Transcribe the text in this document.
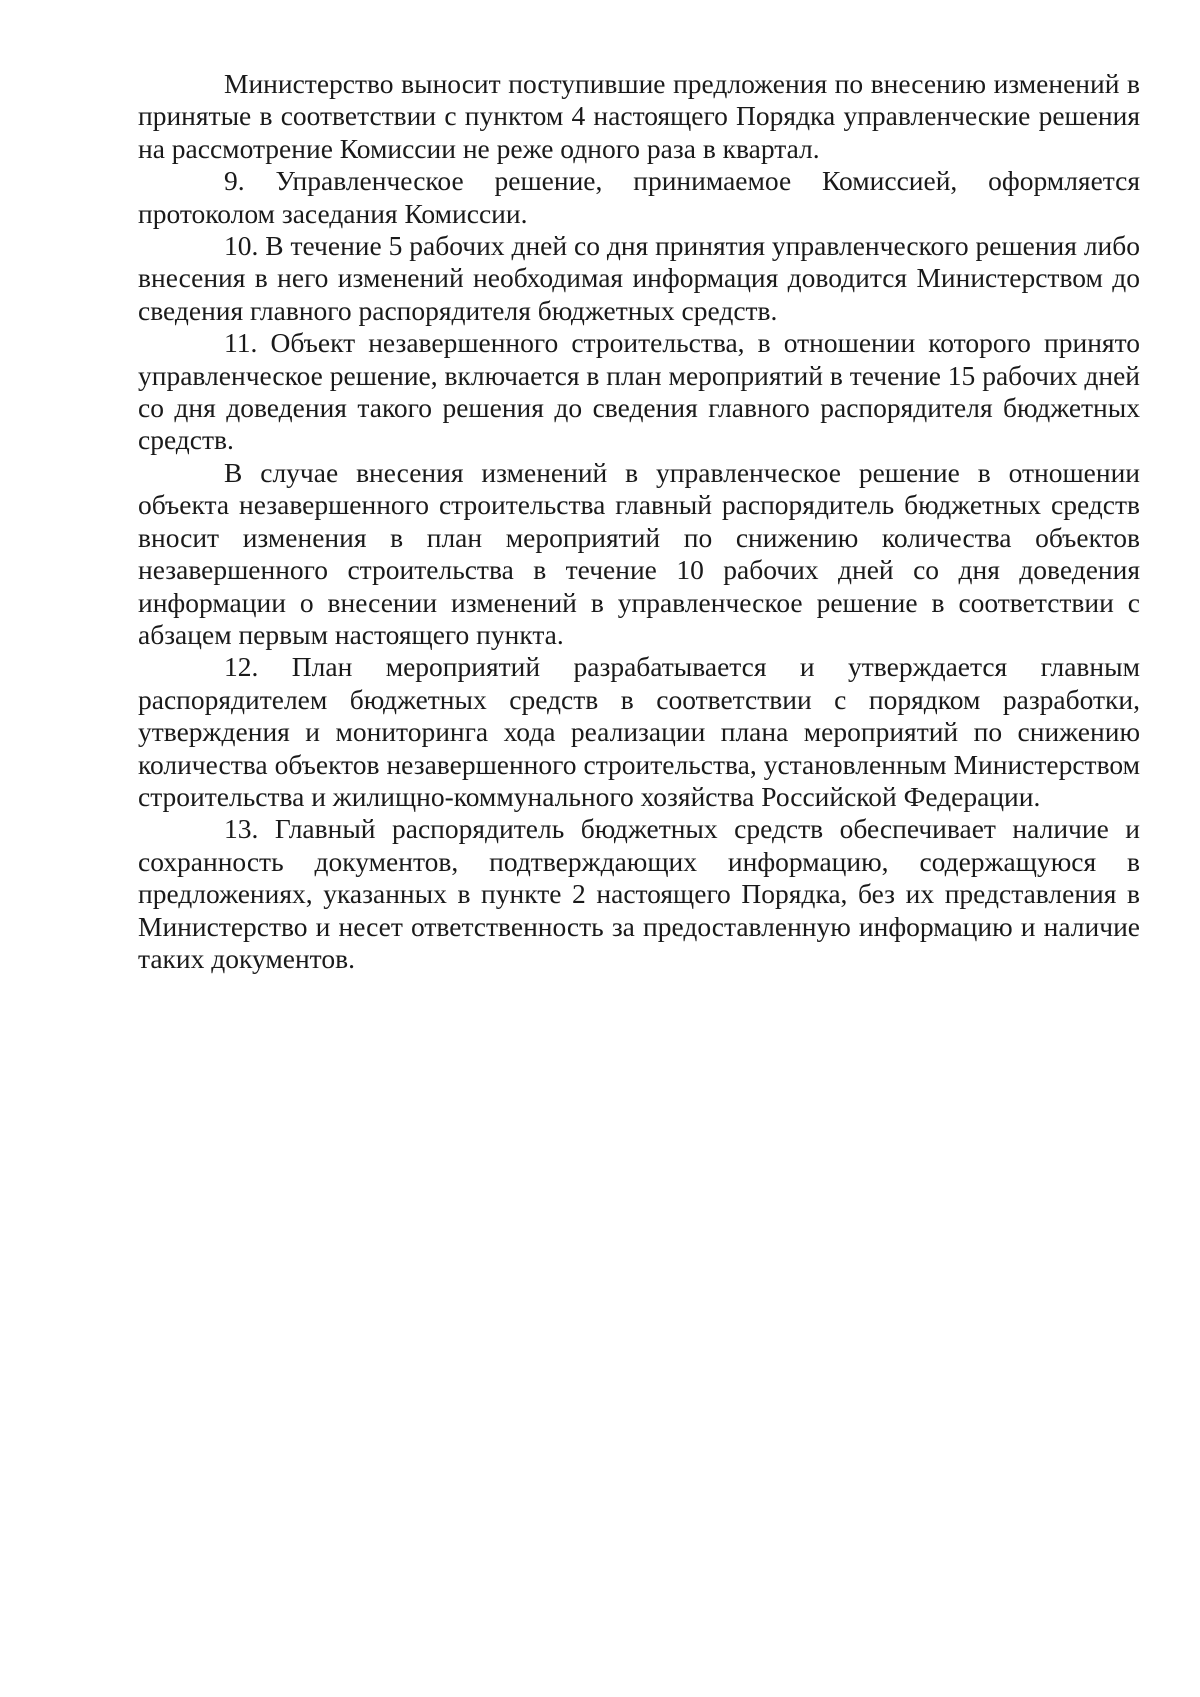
Министерство выносит поступившие предложения по внесению изменений в принятые в соответствии с пунктом 4 настоящего Порядка управленческие решения на рассмотрение Комиссии не реже одного раза в квартал.

9. Управленческое решение, принимаемое Комиссией, оформляется протоколом заседания Комиссии.

10. В течение 5 рабочих дней со дня принятия управленческого решения либо внесения в него изменений необходимая информация доводится Министерством до сведения главного распорядителя бюджетных средств.

11. Объект незавершенного строительства, в отношении которого принято управленческое решение, включается в план мероприятий в течение 15 рабочих дней со дня доведения такого решения до сведения главного распорядителя бюджетных средств.

В случае внесения изменений в управленческое решение в отношении объекта незавершенного строительства главный распорядитель бюджетных средств вносит изменения в план мероприятий по снижению количества объектов незавершенного строительства в течение 10 рабочих дней со дня доведения информации о внесении изменений в управленческое решение в соответствии с абзацем первым настоящего пункта.

12. План мероприятий разрабатывается и утверждается главным распорядителем бюджетных средств в соответствии с порядком разработки, утверждения и мониторинга хода реализации плана мероприятий по снижению количества объектов незавершенного строительства, установленным Министерством строительства и жилищно-коммунального хозяйства Российской Федерации.

13. Главный распорядитель бюджетных средств обеспечивает наличие и сохранность документов, подтверждающих информацию, содержащуюся в предложениях, указанных в пункте 2 настоящего Порядка, без их представления в Министерство и несет ответственность за предоставленную информацию и наличие таких документов.
